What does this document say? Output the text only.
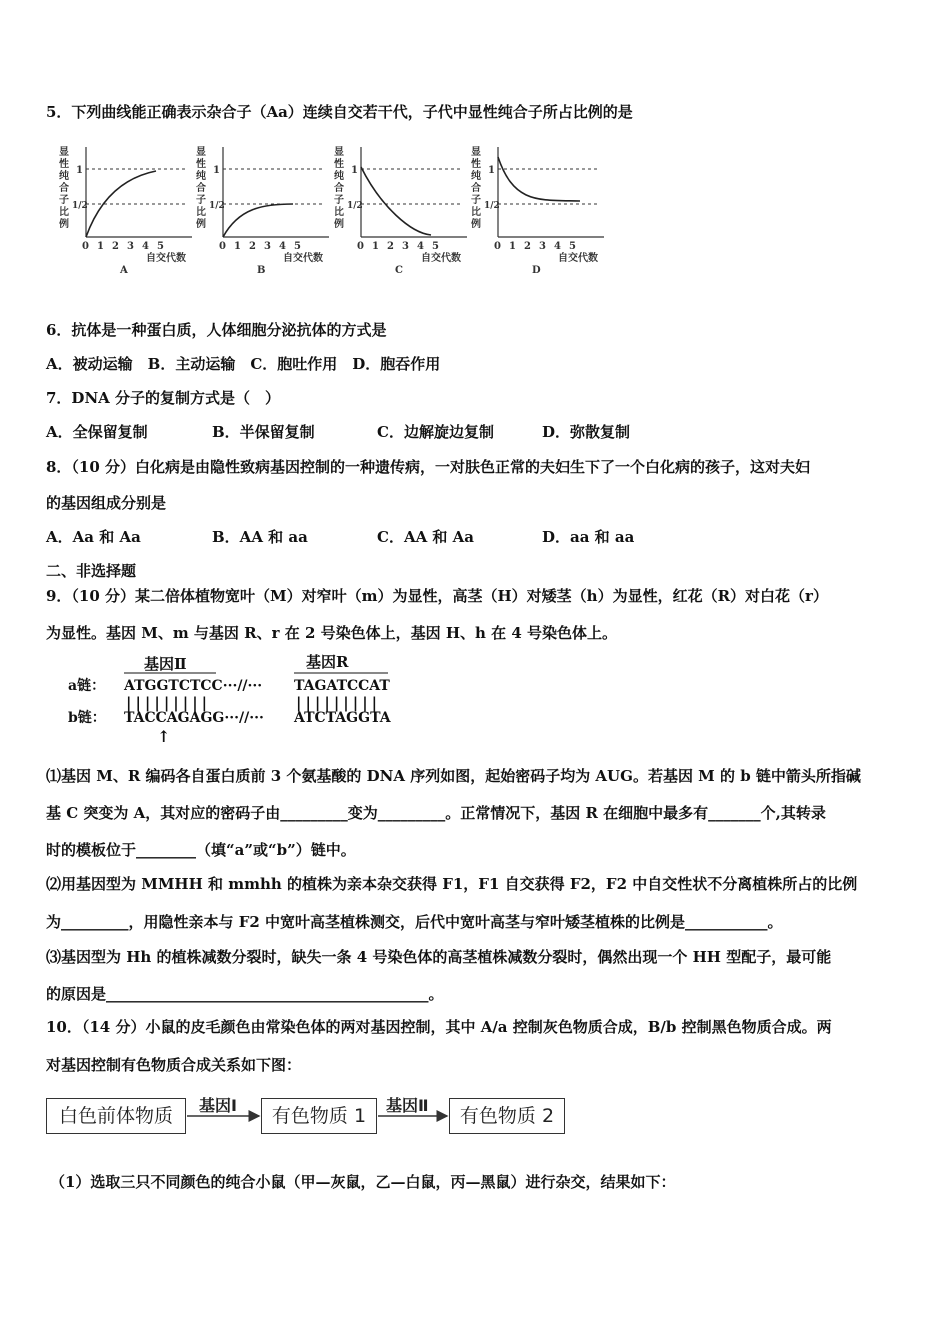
5．下列曲线能正确表示杂合子（Aa）连续自交若干代，子代中显性纯合子所占比例的是
显
性
纯
合
子
比
例
1
1/2
0 1 2 3 4 5
自交代数
A
显
性
纯
合
子
比
例
1
1/2
0 1 2 3 4 5
自交代数
B
显
性
纯
合
子
比
例
1
1/2
0 1 2 3 4 5
自交代数
C
显
性
纯
合
子
比
例
1
1/2
0 1 2 3 4 5
自交代数
D
6．抗体是一种蛋白质，人体细胞分泌抗体的方式是
A．被动运输　B．主动运输　C．胞吐作用　D．胞吞作用
7．DNA 分子的复制方式是（　）
A．全保留复制	B．半保留复制	C．边解旋边复制	D．弥散复制
8．（10 分）白化病是由隐性致病基因控制的一种遗传病，一对肤色正常的夫妇生下了一个白化病的孩子，这对夫妇
的基因组成分别是
A．Aa 和 Aa	B．AA 和 aa	C．AA 和 Aa	D．aa 和 aa
二、非选择题
9．（10 分）某二倍体植物宽叶（M）对窄叶（m）为显性，高茎（H）对矮茎（h）为显性，红花（R）对白花（r）
为显性。基因 M、m 与基因 R、r 在 2 号染色体上，基因 H、h 在 4 号染色体上。
基因Ⅱ	基因R
a链： ATGGTCTCC···//··· TAGATCCAT
|||||||||	|||||||||
b链： TACCAGAGG···//··· ATCTAGGTA
↑
⑴基因 M、R 编码各自蛋白质前 3 个氨基酸的 DNA 序列如图，起始密码子均为 AUG。若基因 M 的 b 链中箭头所指碱
基 C 突变为 A，其对应的密码子由_________变为_________。正常情况下，基因 R 在细胞中最多有_______个,其转录
时的模板位于________（填“a”或“b”）链中。
⑵用基因型为 MMHH 和 mmhh 的植株为亲本杂交获得 F1，F1 自交获得 F2，F2 中自交性状不分离植株所占的比例
为_________，用隐性亲本与 F2 中宽叶高茎植株测交，后代中宽叶高茎与窄叶矮茎植株的比例是___________。
⑶基因型为 Hh 的植株减数分裂时，缺失一条 4 号染色体的高茎植株减数分裂时，偶然出现一个 HH 型配子，最可能
的原因是___________________________________________。
10．（14 分）小鼠的皮毛颜色由常染色体的两对基因控制，其中 A/a 控制灰色物质合成，B/b 控制黑色物质合成。两
对基因控制有色物质合成关系如下图：
白色前体物质	有色物质 1	有色物质 2
基因Ⅰ	基因Ⅱ
（1）选取三只不同颜色的纯合小鼠（甲—灰鼠，乙—白鼠，丙—黑鼠）进行杂交，结果如下：
